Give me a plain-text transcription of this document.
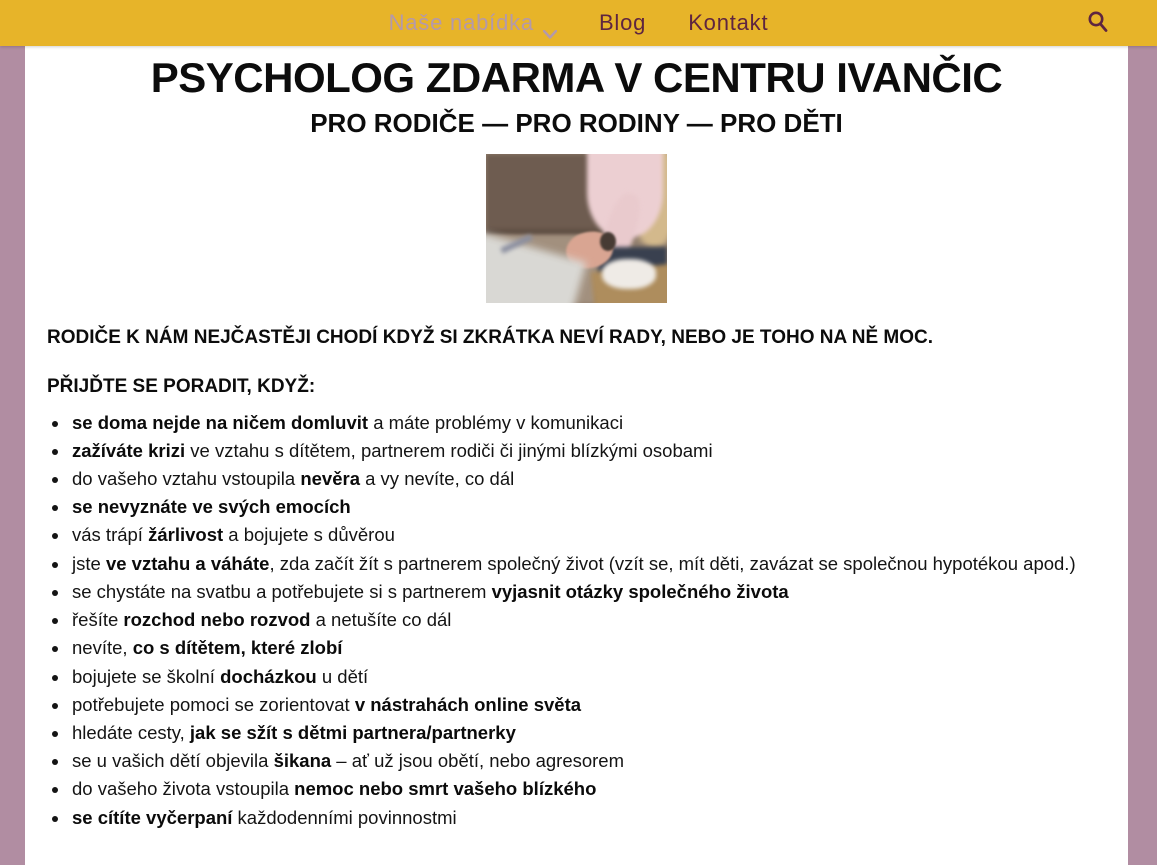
Naše nabídka	Blog Kontakt
PSYCHOLOG ZDARMA V CENTRU IVANČIC
PRO RODIČE — PRO RODINY — PRO DĚTI

RODIČE K NÁM NEJČASTĚJI CHODÍ KDYŽ SI ZKRÁTKA NEVÍ RADY, NEBO JE TOHO NA NĚ MOC.

PŘIJĎTE SE PORADIT, KDYŽ:

• se doma nejde na ničem domluvit a máte problémy v komunikaci
• zažíváte krizi ve vztahu s dítětem, partnerem rodiči či jinými blízkými osobami
• do vašeho vztahu vstoupila nevěra a vy nevíte, co dál
• se nevyznáte ve svých emocích
• vás trápí žárlivost a bojujete s důvěrou
• jste ve vztahu a váháte, zda začít žít s partnerem společný život (vzít se, mít děti, zavázat se společnou hypotékou apod.)
• se chystáte na svatbu a potřebujete si s partnerem vyjasnit otázky společného života
• řešíte rozchod nebo rozvod a netušíte co dál
• nevíte, co s dítětem, které zlobí
• bojujete se školní docházkou u dětí
• potřebujete pomoci se zorientovat v nástrahách online světa
• hledáte cesty, jak se sžít s dětmi partnera/partnerky
• se u vašich dětí objevila šikana – ať už jsou obětí, nebo agresorem
• do vašeho života vstoupila nemoc nebo smrt vašeho blízkého
• se cítíte vyčerpaní každodenními povinnostmi
